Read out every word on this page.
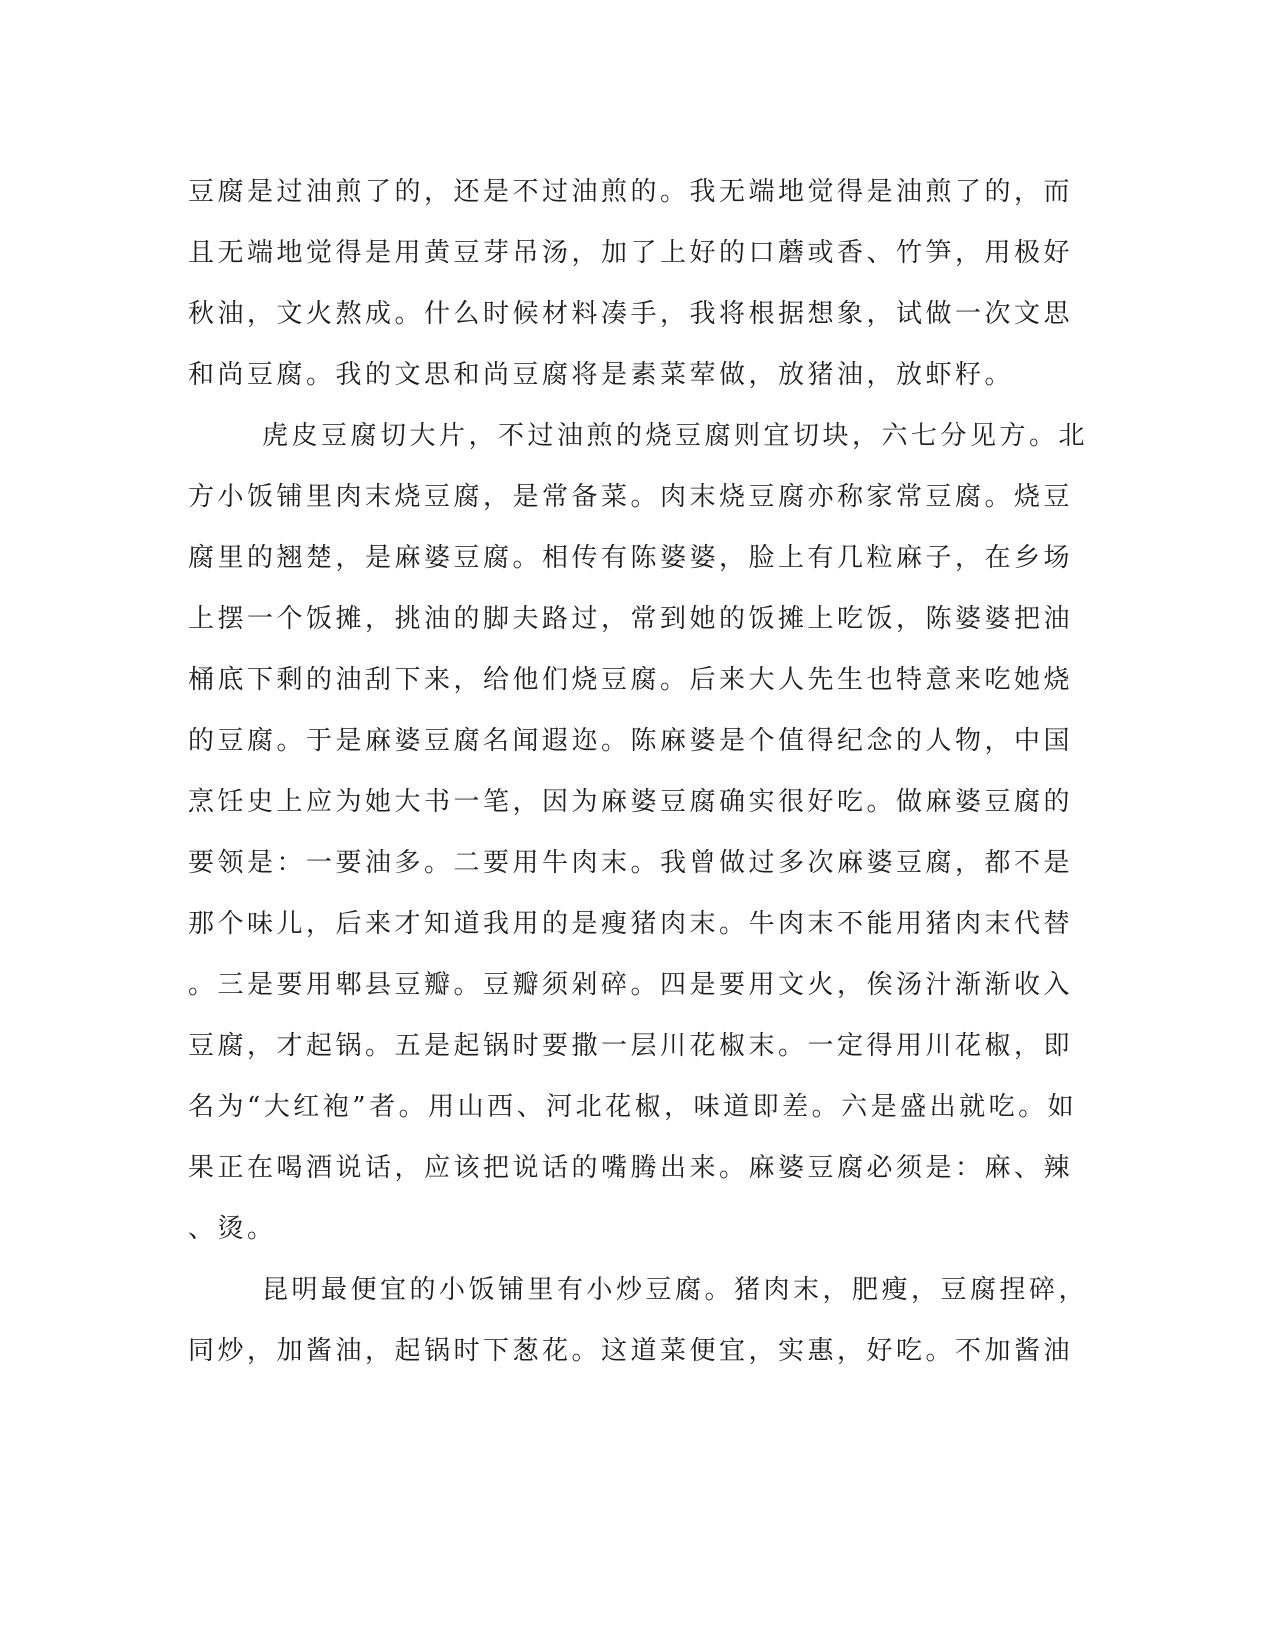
豆腐是过油煎了的，还是不过油煎的。我无端地觉得是油煎了的，而
且无端地觉得是用黄豆芽吊汤，加了上好的口蘑或香、竹笋，用极好
秋油，文火熬成。什么时候材料凑手，我将根据想象，试做一次文思
和尚豆腐。我的文思和尚豆腐将是素菜荤做，放猪油，放虾籽。
虎皮豆腐切大片，不过油煎的烧豆腐则宜切块，六七分见方。北
方小饭铺里肉末烧豆腐，是常备菜。肉末烧豆腐亦称家常豆腐。烧豆
腐里的翘楚，是麻婆豆腐。相传有陈婆婆，脸上有几粒麻子，在乡场
上摆一个饭摊，挑油的脚夫路过，常到她的饭摊上吃饭，陈婆婆把油
桶底下剩的油刮下来，给他们烧豆腐。后来大人先生也特意来吃她烧
的豆腐。于是麻婆豆腐名闻遐迩。陈麻婆是个值得纪念的人物，中国
烹饪史上应为她大书一笔，因为麻婆豆腐确实很好吃。做麻婆豆腐的
要领是：一要油多。二要用牛肉末。我曾做过多次麻婆豆腐，都不是
那个味儿，后来才知道我用的是瘦猪肉末。牛肉末不能用猪肉末代替
。三是要用郫县豆瓣。豆瓣须剁碎。四是要用文火，俟汤汁渐渐收入
豆腐，才起锅。五是起锅时要撒一层川花椒末。一定得用川花椒，即
名为“大红袍”者。用山西、河北花椒，味道即差。六是盛出就吃。如
果正在喝酒说话，应该把说话的嘴腾出来。麻婆豆腐必须是：麻、辣
、烫。
昆明最便宜的小饭铺里有小炒豆腐。猪肉末，肥瘦，豆腐捏碎，
同炒，加酱油，起锅时下葱花。这道菜便宜，实惠，好吃。不加酱油
